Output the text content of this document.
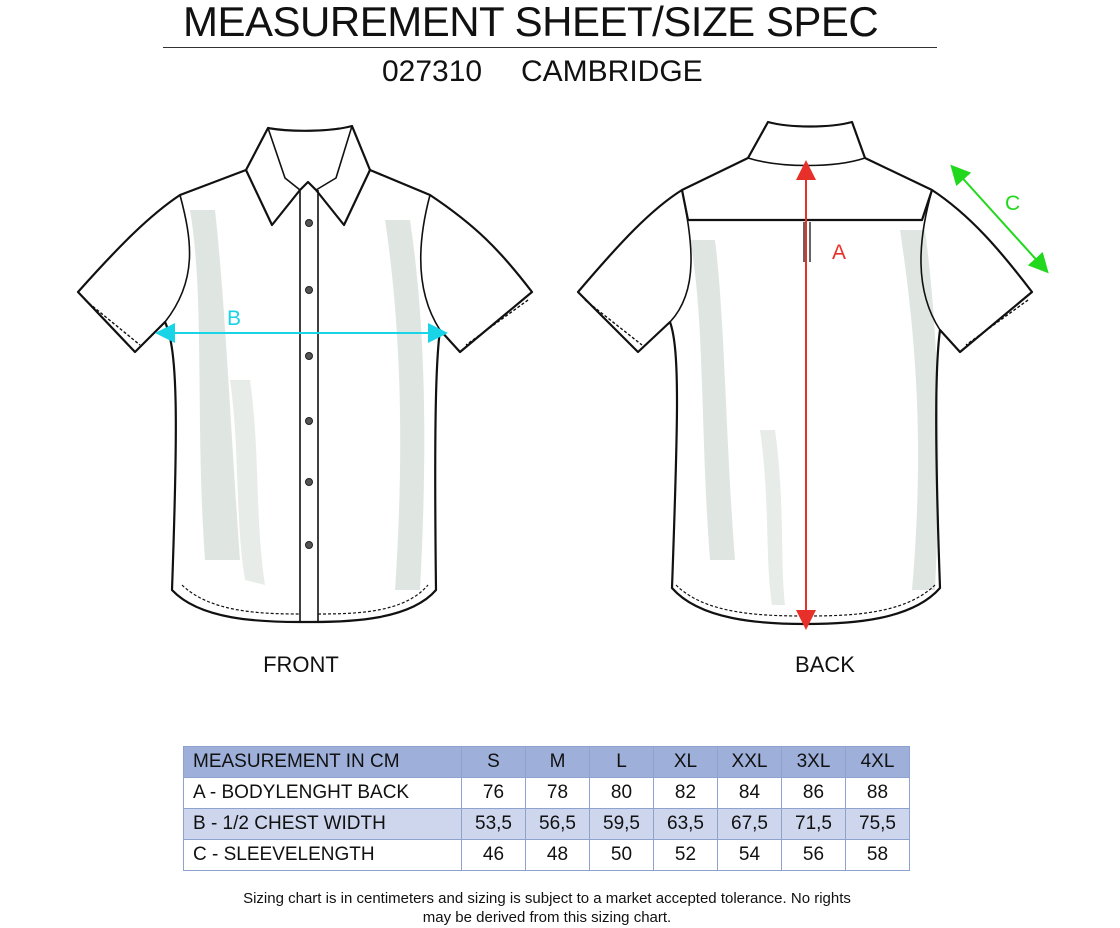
MEASUREMENT SHEET/SIZE SPEC
027310 CAMBRIDGE
B
A
C
FRONT	BACK
MEASUREMENT IN CM	S	M	L	XL	XXL	3XL	4XL
A - BODYLENGHT BACK	76	78	80	82	84	86	88
B - 1/2 CHEST WIDTH	53,5	56,5	59,5	63,5	67,5	71,5	75,5
C - SLEEVELENGTH	46	48	50	52	54	56	58
Sizing chart is in centimeters and sizing is subject to a market accepted tolerance. No rights
may be derived from this sizing chart.
